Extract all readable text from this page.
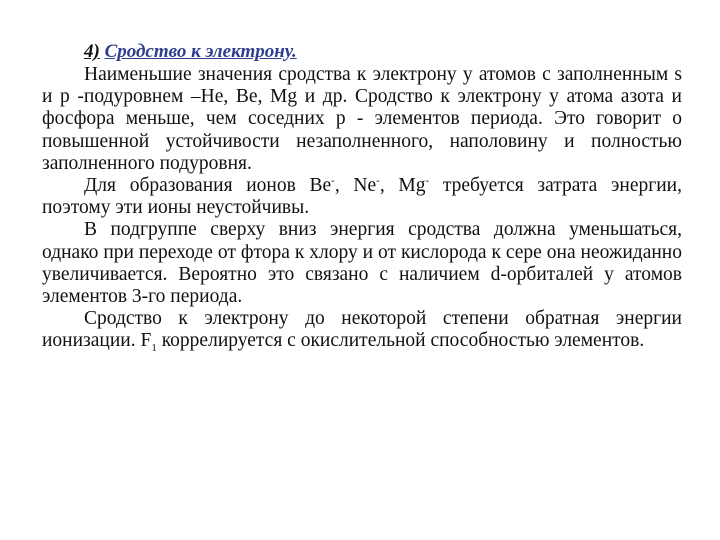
4) Сродство к электрону.

Наименьшие значения сродства к электрону у атомов с заполненным s и p -подуровнем –He, Be, Mg и др. Сродство к электрону у атома азота и фосфора меньше, чем соседних p - элементов периода. Это говорит о повышенной устойчивости незаполненного, наполовину и полностью заполненного подуровня.

Для образования ионов Be-, Ne-, Mg- требуется затрата энергии, поэтому эти ионы неустойчивы.

В подгруппе сверху вниз энергия сродства должна уменьшаться, однако при переходе от фтора к хлору и от кислорода к сере она неожиданно увеличивается. Вероятно это связано с наличием d-орбиталей у атомов элементов 3-го периода.

Сродство к электрону до некоторой степени обратная энергии ионизации. $F_1$ коррелируется с окислительной способностью элементов.
